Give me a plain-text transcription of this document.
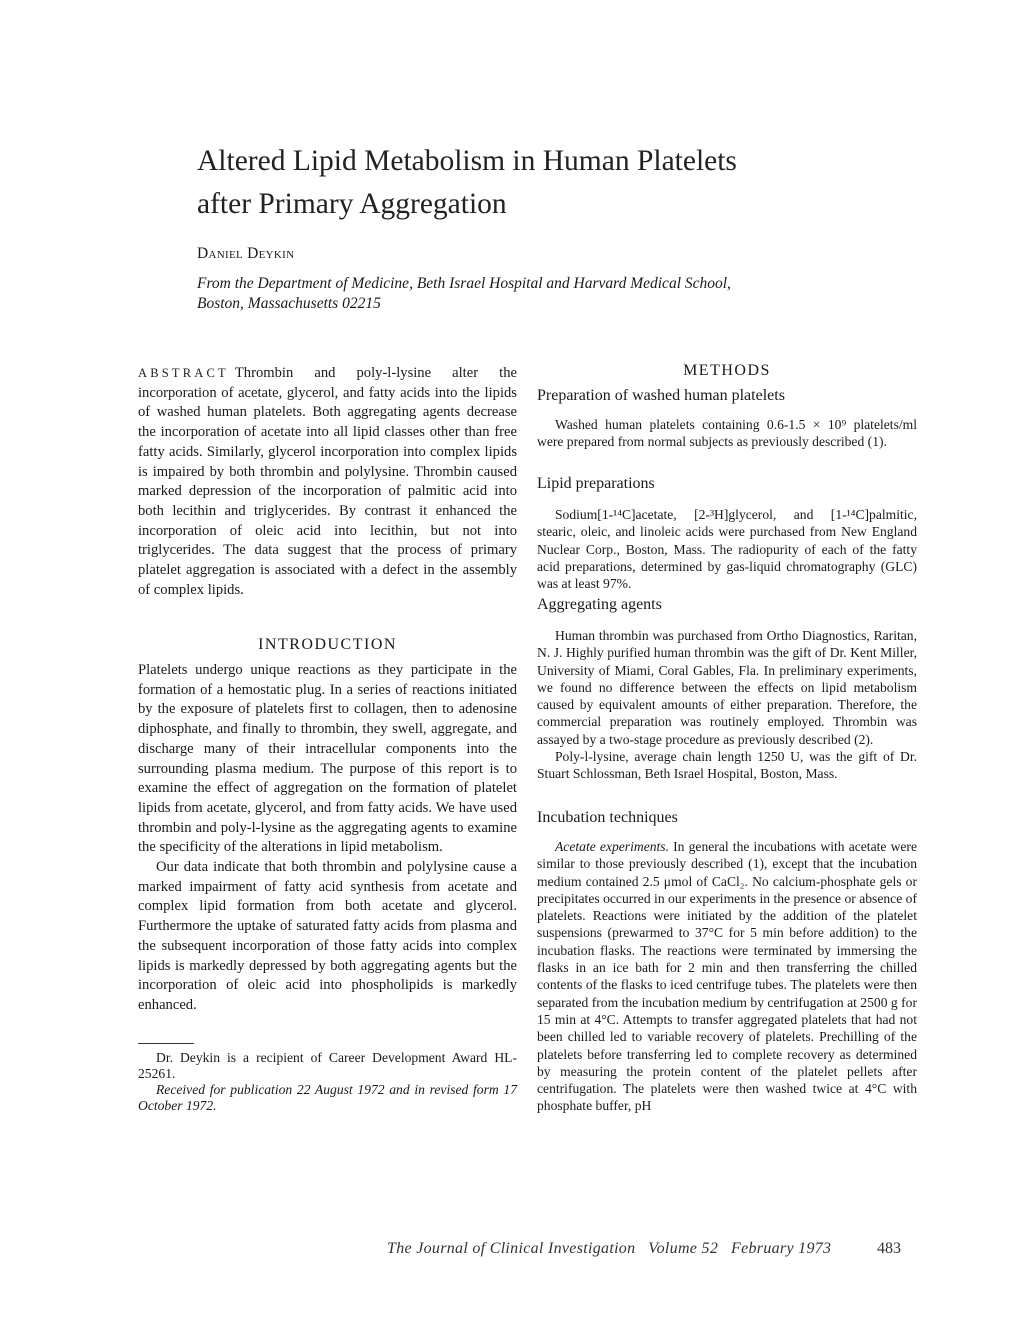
Altered Lipid Metabolism in Human Platelets
after Primary Aggregation
Daniel Deykin
From the Department of Medicine, Beth Israel Hospital and Harvard Medical School, Boston, Massachusetts 02215

ABSTRACT Thrombin and poly-l-lysine alter the incorporation of acetate, glycerol, and fatty acids into the lipids of washed human platelets. Both aggregating agents decrease the incorporation of acetate into all lipid classes other than free fatty acids. Similarly, glycerol incorporation into complex lipids is impaired by both thrombin and polylysine. Thrombin caused marked depression of the incorporation of palmitic acid into both lecithin and triglycerides. By contrast it enhanced the incorporation of oleic acid into lecithin, but not into triglycerides. The data suggest that the process of primary platelet aggregation is associated with a defect in the assembly of complex lipids.

INTRODUCTION

Platelets undergo unique reactions as they participate in the formation of a hemostatic plug. In a series of reactions initiated by the exposure of platelets first to collagen, then to adenosine diphosphate, and finally to thrombin, they swell, aggregate, and discharge many of their intracellular components into the surrounding plasma medium. The purpose of this report is to examine the effect of aggregation on the formation of platelet lipids from acetate, glycerol, and from fatty acids. We have used thrombin and poly-l-lysine as the aggregating agents to examine the specificity of the alterations in lipid metabolism.

Our data indicate that both thrombin and polylysine cause a marked impairment of fatty acid synthesis from acetate and complex lipid formation from both acetate and glycerol. Furthermore the uptake of saturated fatty acids from plasma and the subsequent incorporation of those fatty acids into complex lipids is markedly depressed by both aggregating agents but the incorporation of oleic acid into phospholipids is markedly enhanced.

Dr. Deykin is a recipient of Career Development Award HL-25261.

Received for publication 22 August 1972 and in revised form 17 October 1972.

METHODS
Preparation of washed human platelets

Washed human platelets containing 0.6-1.5 × 10⁹ platelets/ml were prepared from normal subjects as previously described (1).

Lipid preparations

Sodium[1-¹⁴C]acetate, [2-³H]glycerol, and [1-¹⁴C]palmitic, stearic, oleic, and linoleic acids were purchased from New England Nuclear Corp., Boston, Mass. The radiopurity of each of the fatty acid preparations, determined by gas-liquid chromatography (GLC) was at least 97%.

Aggregating agents

Human thrombin was purchased from Ortho Diagnostics, Raritan, N. J. Highly purified human thrombin was the gift of Dr. Kent Miller, University of Miami, Coral Gables, Fla. In preliminary experiments, we found no difference between the effects on lipid metabolism caused by equivalent amounts of either preparation. Therefore, the commercial preparation was routinely employed. Thrombin was assayed by a two-stage procedure as previously described (2).

Poly-l-lysine, average chain length 1250 U, was the gift of Dr. Stuart Schlossman, Beth Israel Hospital, Boston, Mass.

Incubation techniques

Acetate experiments. In general the incubations with acetate were similar to those previously described (1), except that the incubation medium contained 2.5 μmol of CaCl₂. No calcium-phosphate gels or precipitates occurred in our experiments in the presence or absence of platelets. Reactions were initiated by the addition of the platelet suspensions (prewarmed to 37°C for 5 min before addition) to the incubation flasks. The reactions were terminated by immersing the flasks in an ice bath for 2 min and then transferring the chilled contents of the flasks to iced centrifuge tubes. The platelets were then separated from the incubation medium by centrifugation at 2500 g for 15 min at 4°C. Attempts to transfer aggregated platelets that had not been chilled led to variable recovery of platelets. Prechilling of the platelets before transferring led to complete recovery as determined by measuring the protein content of the platelet pellets after centrifugation. The platelets were then washed twice at 4°C with phosphate buffer, pH

The Journal of Clinical Investigation   Volume 52   February 1973	483
